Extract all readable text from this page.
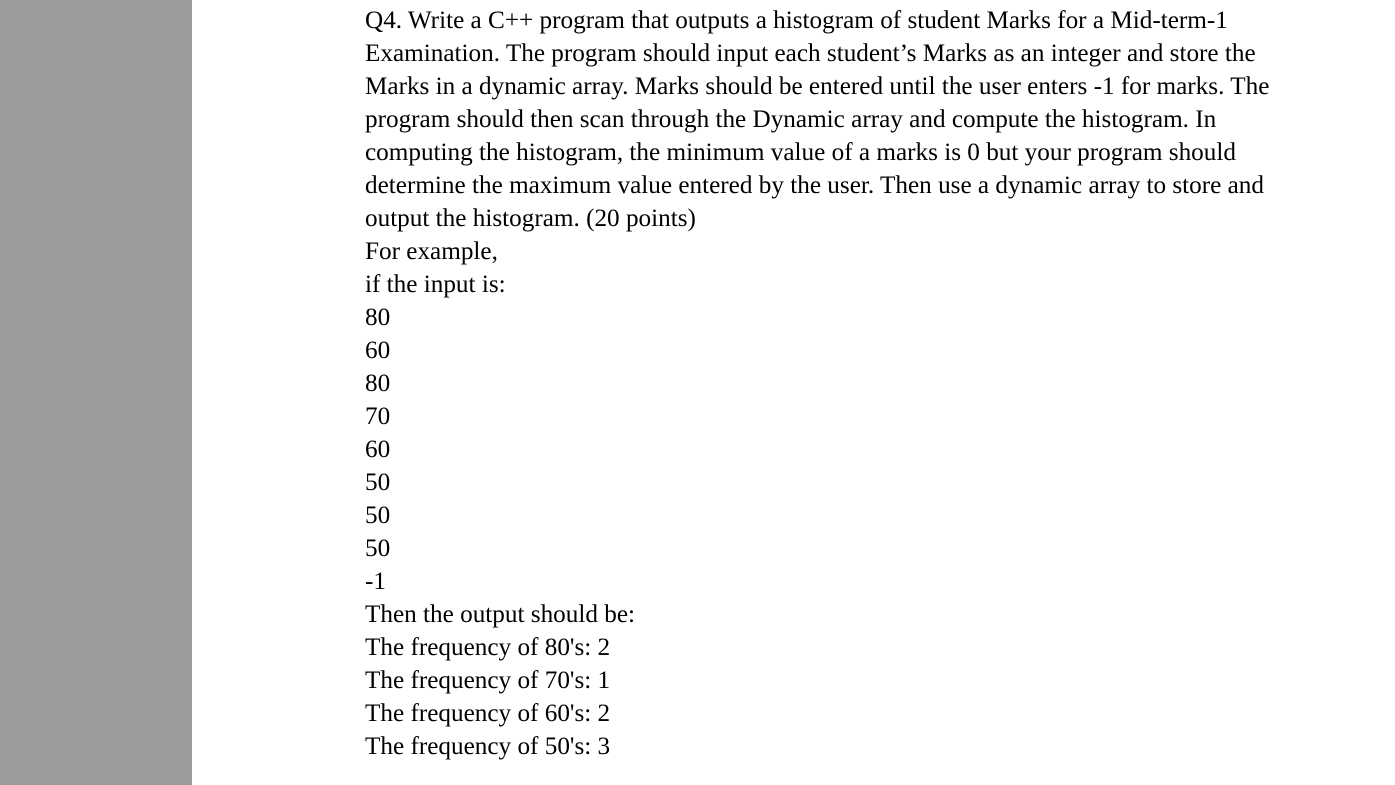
Q4. Write a C++ program that outputs a histogram of student Marks for a Mid-term-1
Examination. The program should input each student’s Marks as an integer and store the
Marks in a dynamic array. Marks should be entered until the user enters -1 for marks. The
program should then scan through the Dynamic array and compute the histogram. In
computing the histogram, the minimum value of a marks is 0 but your program should
determine the maximum value entered by the user. Then use a dynamic array to store and
output the histogram. (20 points)
For example,
if the input is:
80
60
80
70
60
50
50
50
-1
Then the output should be:
The frequency of 80's: 2
The frequency of 70's: 1
The frequency of 60's: 2
The frequency of 50's: 3
